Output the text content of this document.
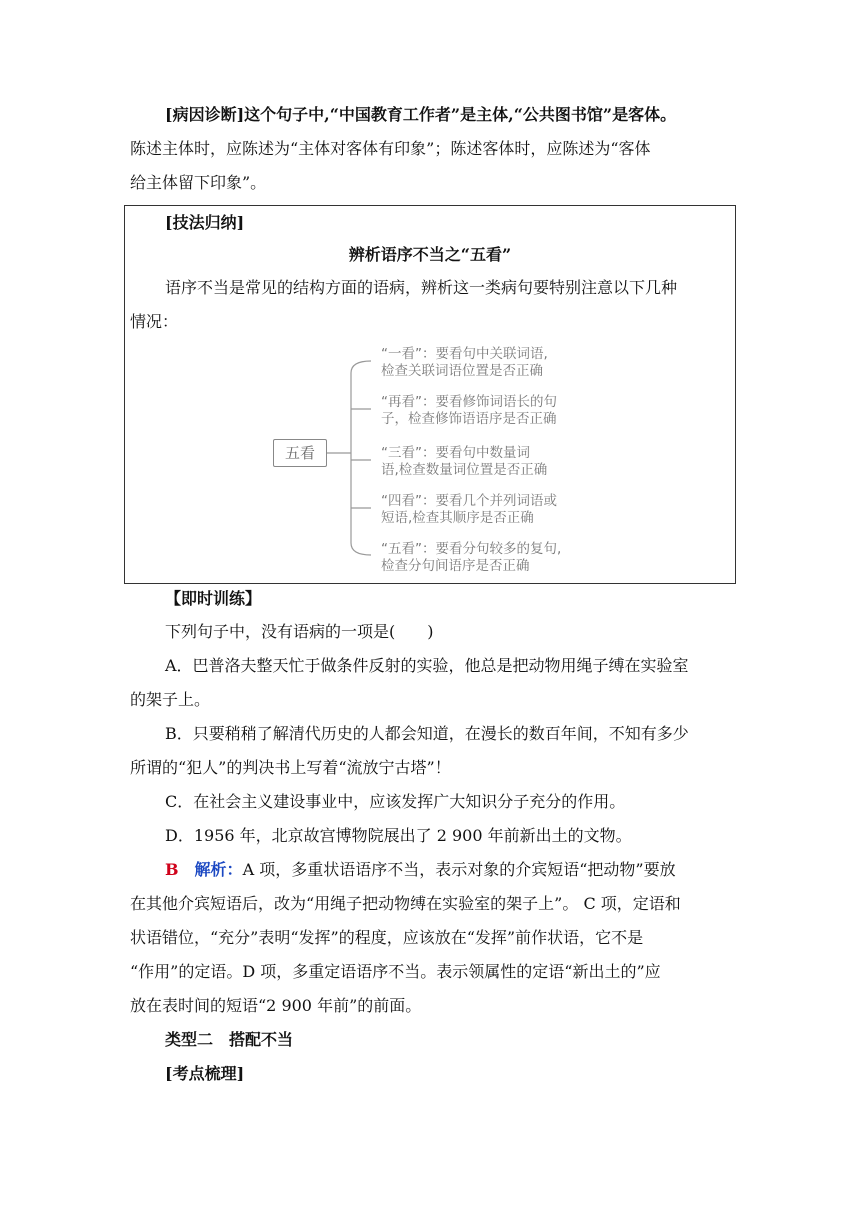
[病因诊断]这个句子中,“中国教育工作者”是主体,“公共图书馆”是客体。
陈述主体时，应陈述为“主体对客体有印象”；陈述客体时，应陈述为“客体
给主体留下印象”。
[技法归纳]
辨析语序不当之“五看”
语序不当是常见的结构方面的语病，辨析这一类病句要特别注意以下几种
情况：
五看
“一看”：要看句中关联词语,
检查关联词语位置是否正确
“再看”：要看修饰词语长的句
子，检查修饰语语序是否正确
“三看”：要看句中数量词
语,检查数量词位置是否正确
“四看”：要看几个并列词语或
短语,检查其顺序是否正确
“五看”：要看分句较多的复句,
检查分句间语序是否正确
【即时训练】
下列句子中，没有语病的一项是(　　)
A．巴普洛夫整天忙于做条件反射的实验，他总是把动物用绳子缚在实验室
的架子上。
B．只要稍稍了解清代历史的人都会知道，在漫长的数百年间，不知有多少
所谓的“犯人”的判决书上写着“流放宁古塔”！
C．在社会主义建设事业中，应该发挥广大知识分子充分的作用。
D．1956 年，北京故宫博物院展出了 2 900 年前新出土的文物。
B　 解析：A 项，多重状语语序不当，表示对象的介宾短语“把动物”要放
在其他介宾短语后，改为“用绳子把动物缚在实验室的架子上”。 C 项，定语和
状语错位，“充分”表明“发挥”的程度，应该放在“发挥”前作状语，它不是
“作用”的定语。D 项，多重定语语序不当。表示领属性的定语“新出土的”应
放在表时间的短语“2 900 年前”的前面。
类型二　搭配不当
[考点梳理]
